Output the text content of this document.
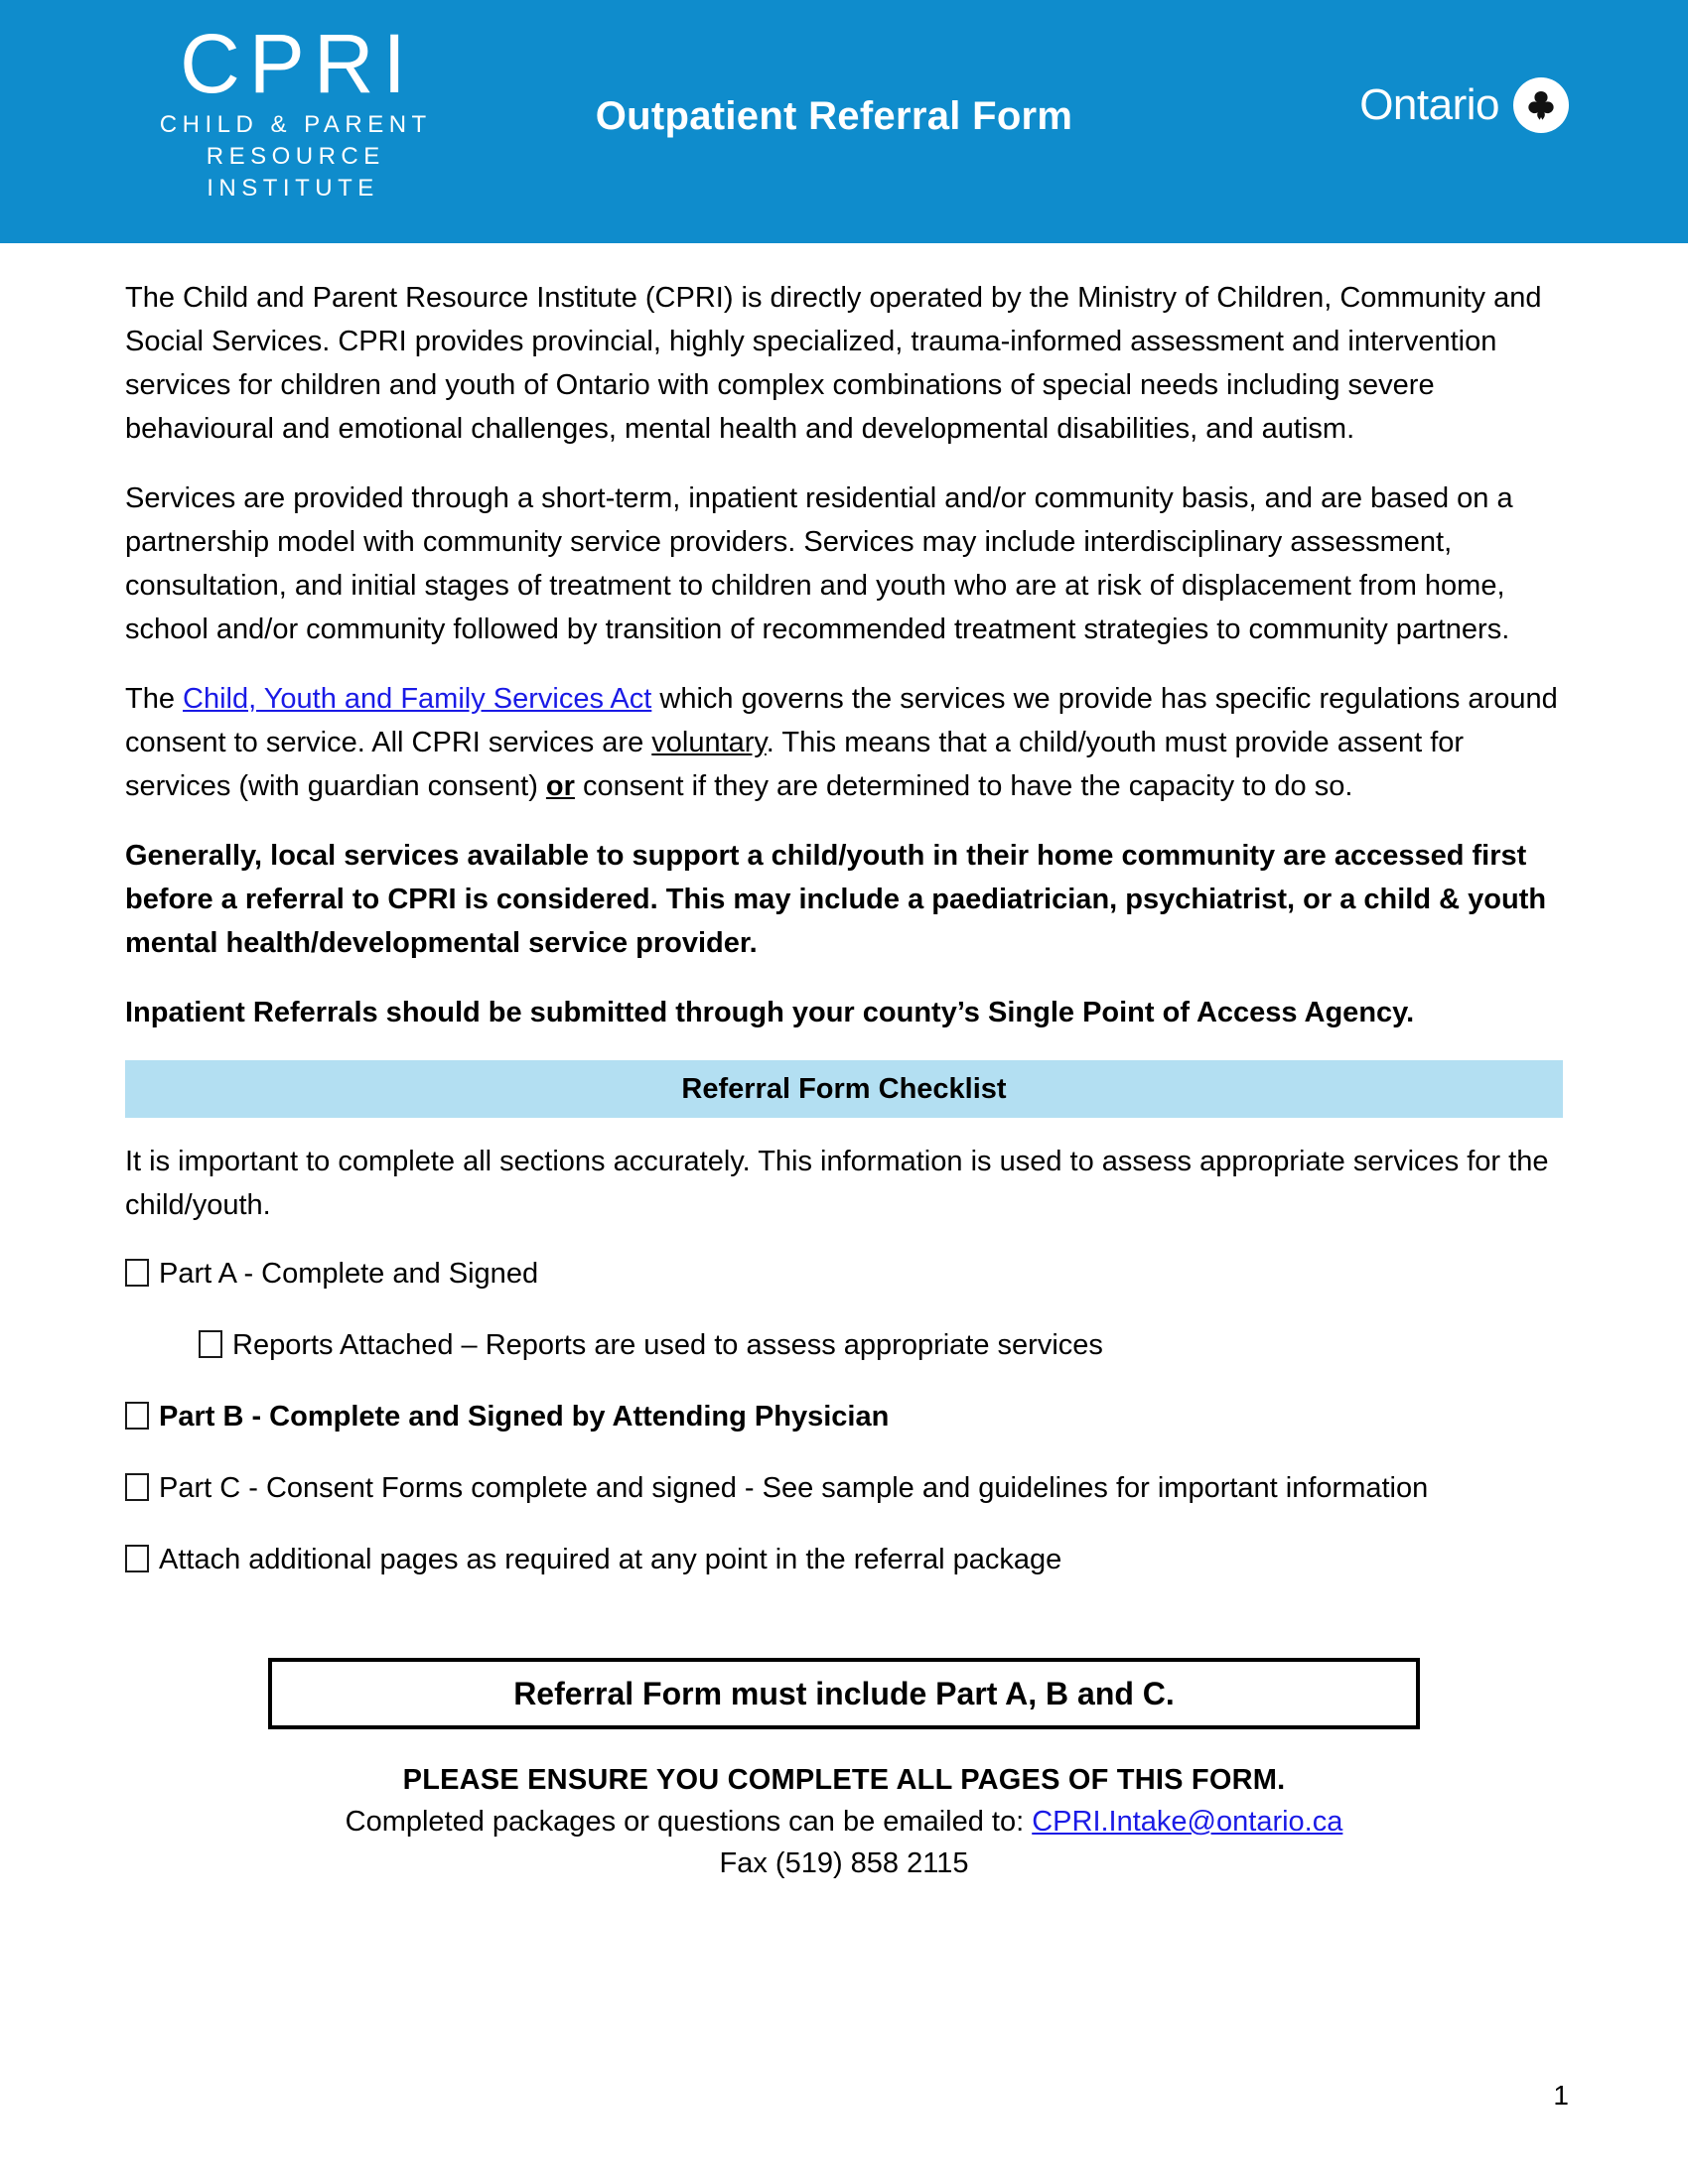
CPRI
CHILD & PARENT
RESOURCE INSTITUTE
Outpatient Referral Form	Ontario

The Child and Parent Resource Institute (CPRI) is directly operated by the Ministry of Children, Community and Social Services. CPRI provides provincial, highly specialized, trauma-informed assessment and intervention services for children and youth of Ontario with complex combinations of special needs including severe behavioural and emotional challenges, mental health and developmental disabilities, and autism.

Services are provided through a short-term, inpatient residential and/or community basis, and are based on a partnership model with community service providers. Services may include interdisciplinary assessment, consultation, and initial stages of treatment to children and youth who are at risk of displacement from home, school and/or community followed by transition of recommended treatment strategies to community partners.

The Child, Youth and Family Services Act which governs the services we provide has specific regulations around consent to service. All CPRI services are voluntary. This means that a child/youth must provide assent for services (with guardian consent) or consent if they are determined to have the capacity to do so.

Generally, local services available to support a child/youth in their home community are accessed first before a referral to CPRI is considered. This may include a paediatrician, psychiatrist, or a child & youth mental health/developmental service provider.

Inpatient Referrals should be submitted through your county’s Single Point of Access Agency.

Referral Form Checklist

It is important to complete all sections accurately. This information is used to assess appropriate services for the child/youth.

Part A - Complete and Signed
Reports Attached – Reports are used to assess appropriate services
Part B - Complete and Signed by Attending Physician
Part C - Consent Forms complete and signed - See sample and guidelines for important information
Attach additional pages as required at any point in the referral package
Referral Form must include Part A, B and C.
PLEASE ENSURE YOU COMPLETE ALL PAGES OF THIS FORM.
Completed packages or questions can be emailed to: CPRI.Intake@ontario.ca
Fax (519) 858 2115
1
